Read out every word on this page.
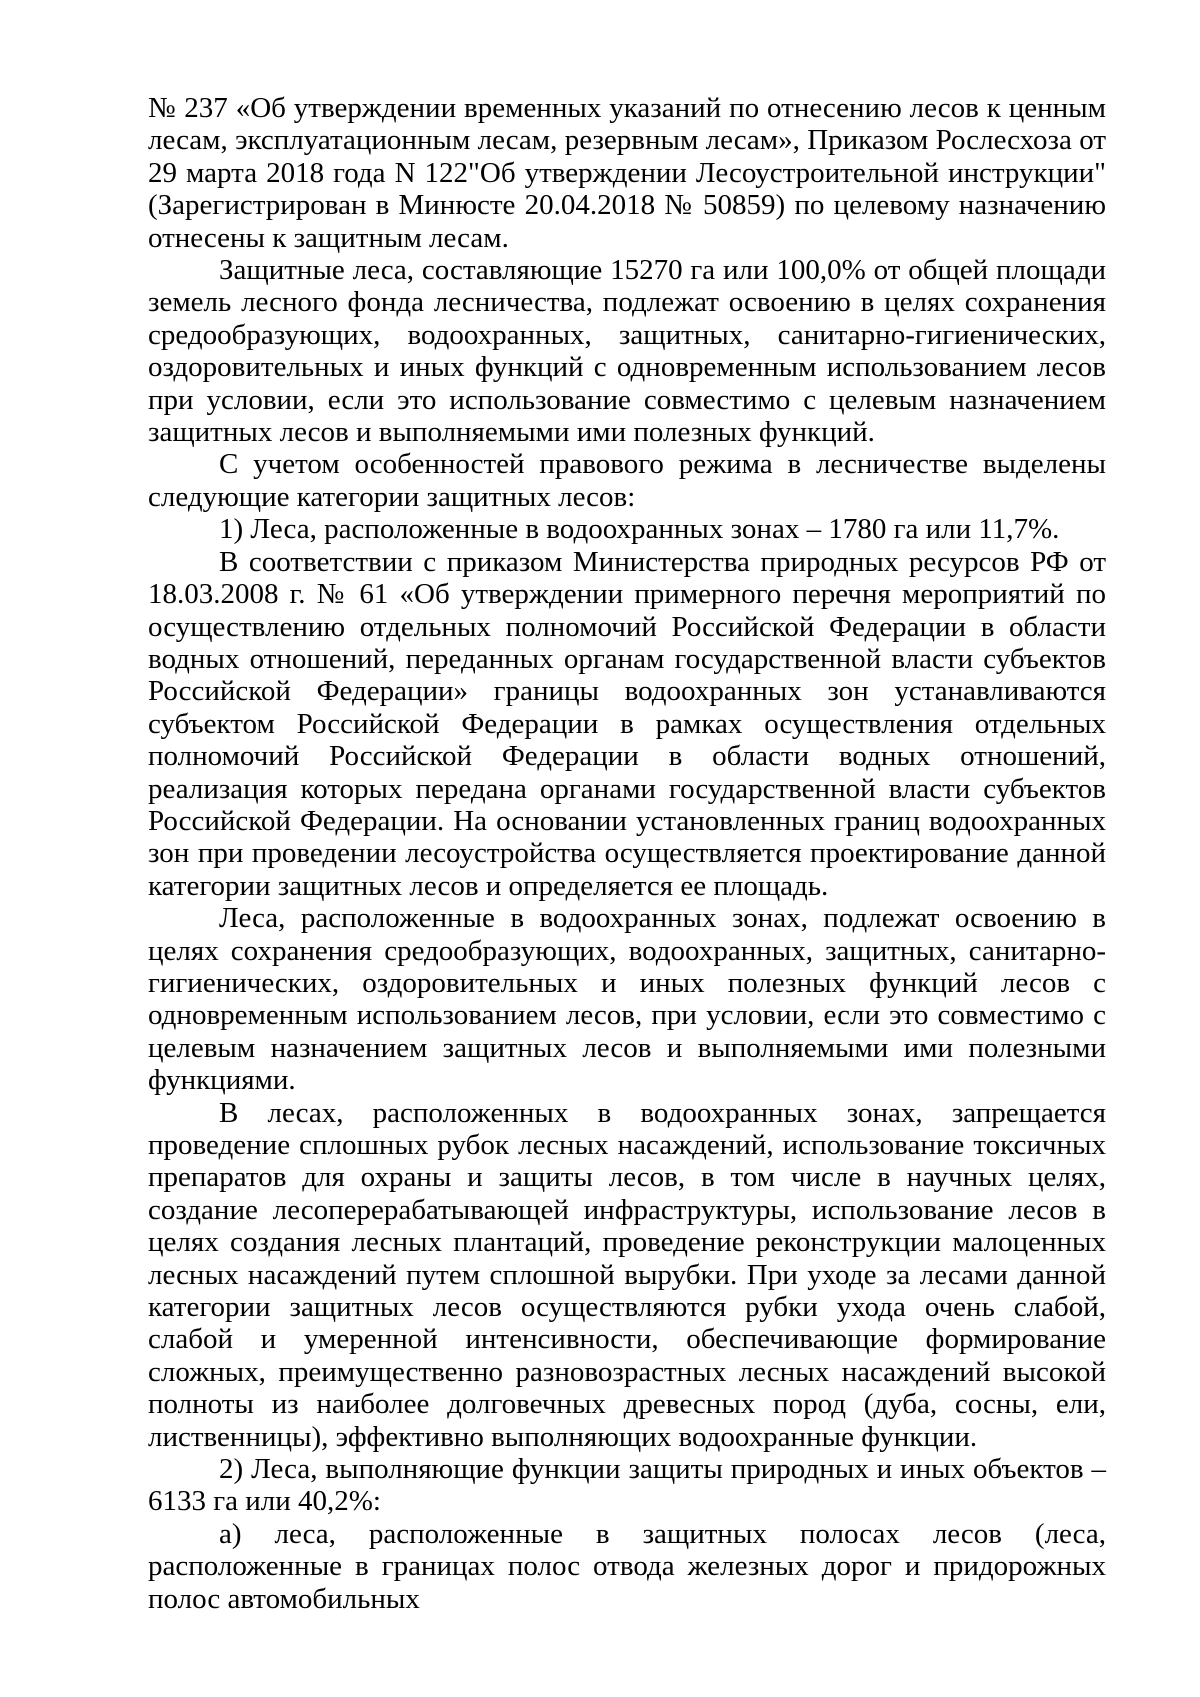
№ 237 «Об утверждении временных указаний по отнесению лесов к ценным лесам, эксплуатационным лесам, резервным лесам», Приказом Рослесхоза от 29 марта 2018 года N 122"Об утверждении Лесоустроительной инструкции" (Зарегистрирован в Минюсте 20.04.2018 № 50859) по целевому назначению отнесены к защитным лесам.

Защитные леса, составляющие 15270 га или 100,0% от общей площади земель лесного фонда лесничества, подлежат освоению в целях сохранения средообразующих, водоохранных, защитных, санитарно-гигиенических, оздоровительных и иных функций с одновременным использованием лесов при условии, если это использование совместимо с целевым назначением защитных лесов и выполняемыми ими полезных функций.

С учетом особенностей правового режима в лесничестве выделены следующие категории защитных лесов:

1) Леса, расположенные в водоохранных зонах – 1780 га или 11,7%.

В соответствии с приказом Министерства природных ресурсов РФ от 18.03.2008 г. № 61 «Об утверждении примерного перечня мероприятий по осуществлению отдельных полномочий Российской Федерации в области водных отношений, переданных органам государственной власти субъектов Российской Федерации» границы водоохранных зон устанавливаются субъектом Российской Федерации в рамках осуществления отдельных полномочий Российской Федерации в области водных отношений, реализация которых передана органами государственной власти субъектов Российской Федерации. На основании установленных границ водоохранных зон при проведении лесоустройства осуществляется проектирование данной категории защитных лесов и определяется ее площадь.

Леса, расположенные в водоохранных зонах, подлежат освоению в целях сохранения средообразующих, водоохранных, защитных, санитарно-гигиенических, оздоровительных и иных полезных функций лесов с одновременным использованием лесов, при условии, если это совместимо с целевым назначением защитных лесов и выполняемыми ими полезными функциями.

В лесах, расположенных в водоохранных зонах, запрещается проведение сплошных рубок лесных насаждений, использование токсичных препаратов для охраны и защиты лесов, в том числе в научных целях, создание лесоперерабатывающей инфраструктуры, использование лесов в целях создания лесных плантаций, проведение реконструкции малоценных лесных насаждений путем сплошной вырубки. При уходе за лесами данной категории защитных лесов осуществляются рубки ухода очень слабой, слабой и умеренной интенсивности, обеспечивающие формирование сложных, преимущественно разновозрастных лесных насаждений высокой полноты из наиболее долговечных древесных пород (дуба, сосны, ели, лиственницы), эффективно выполняющих водоохранные функции.

2) Леса, выполняющие функции защиты природных и иных объектов – 6133 га или 40,2%:

а) леса, расположенные в защитных полосах лесов (леса, расположенные в границах полос отвода железных дорог и придорожных полос автомобильных
